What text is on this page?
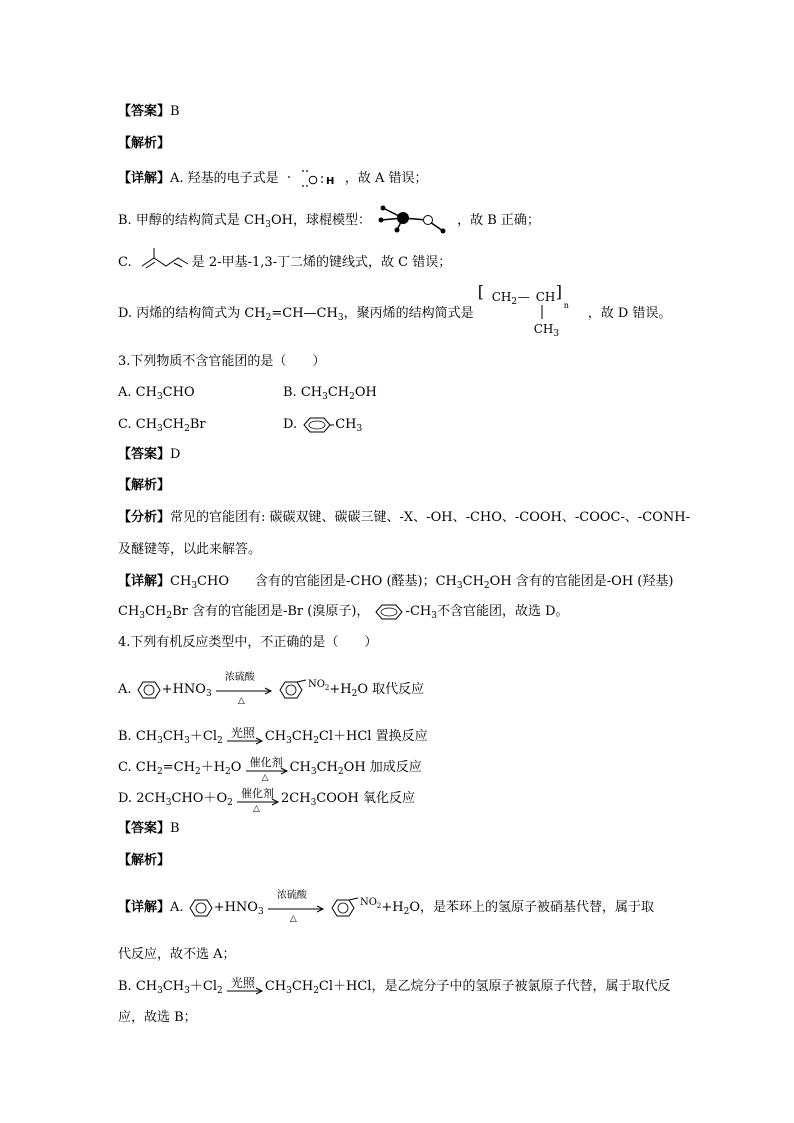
【答案】B
【解析】
【详解】A. 羟基的电子式是	H ，故 A 错误；
B. 甲醇的结构简式是 $CH_3OH$，球棍模型：	，故 B 正确；
C.	是 2-甲基-1,3-丁二烯的键线式，故 C 错误；
D. 丙烯的结构简式为 $CH_2=CH—CH_3$，聚丙烯的结构简式是
[ $CH_2$ — CH ]
n
$CH_3$
，故 D 错误。
3.下列物质不含官能团的是（　　）
A. $CH_3CHO$	B. $CH_3CH_2OH$
C. $CH_3CH_2Br$	D.	$CH_3$
【答案】D
【解析】
【分析】常见的官能团有: 碳碳双键、碳碳三键、-X、-OH、-CHO、-COOH、-COOC-、-CONH-
及醚键等，以此来解答。
【详解】$CH_3CHO$　　含有的官能团是-CHO (醛基)；$CH_3CH_2OH$ 含有的官能团是-OH (羟基)
$CH_3CH_2Br$ 含有的官能团是-Br (溴原子)，	$-CH_3$不含官能团，故选 D。
4.下列有机反应类型中，不正确的是（　　）
A. $+HNO_3$
浓硫酸
△

$^{NO_2}+H_2O$ 取代反应
B. $CH_3CH_3+Cl_2$
光照 $CH_3CH_2Cl+HCl$ 置换反应
C. $CH_2=CH_2+H_2O$ 催化剂
△
$CH_3CH_2OH$ 加成反应
D. $2CH_3CHO+O_2$
催化剂
△
$2CH_3COOH$ 氧化反应
【答案】B
【解析】
【详解】A. $+HNO_3$
浓硫酸
△

$^{NO_2}+H_2O$，是苯环上的氢原子被硝基代替，属于取
代反应，故不选 A；
B. $CH_3CH_3+Cl_2$
光照 $CH_3CH_2Cl+HCl$，是乙烷分子中的氢原子被氯原子代替，属于取代反
应，故选 B；
